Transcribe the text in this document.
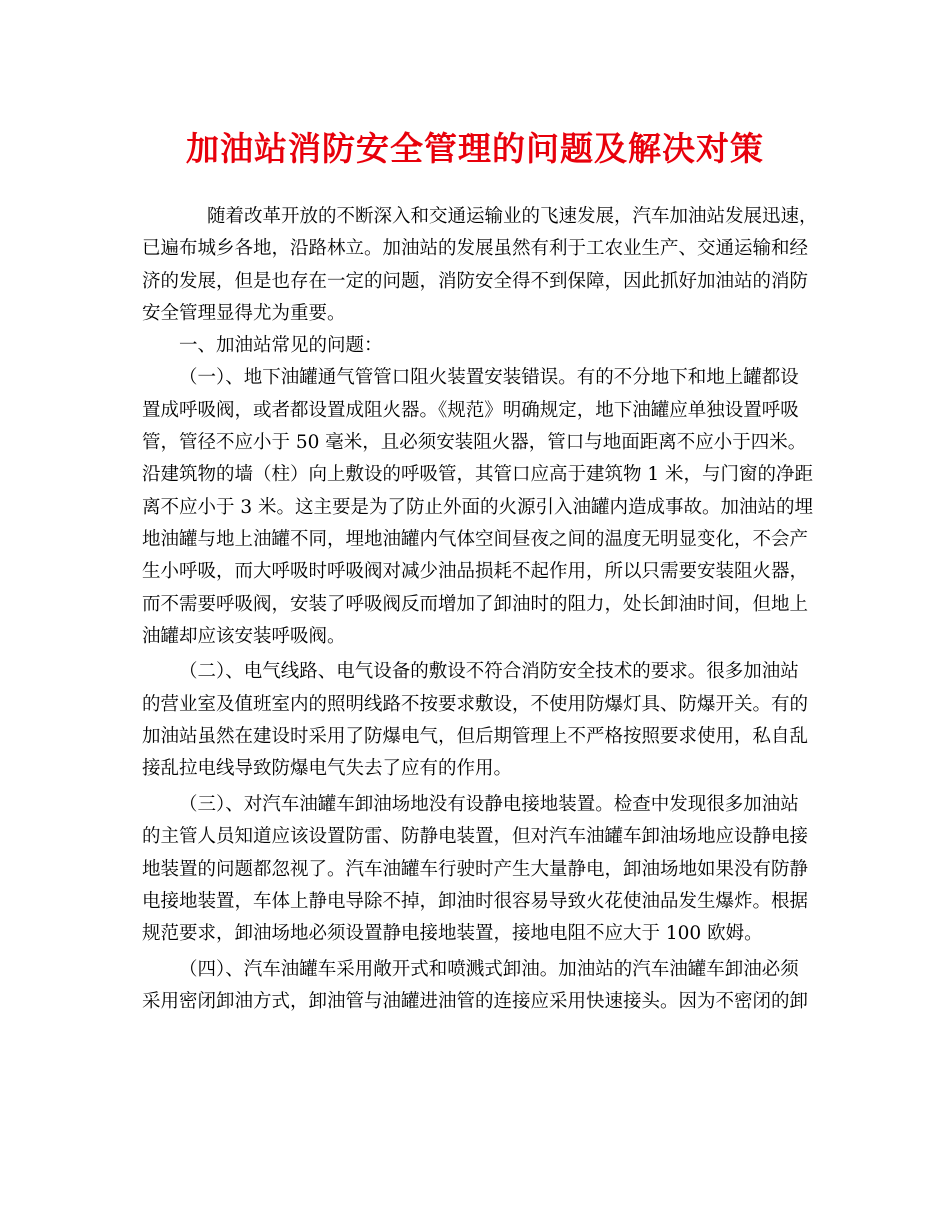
加油站消防安全管理的问题及解决对策
随着改革开放的不断深入和交通运输业的飞速发展，汽车加油站发展迅速，
已遍布城乡各地，沿路林立。加油站的发展虽然有利于工农业生产、交通运输和经
济的发展，但是也存在一定的问题，消防安全得不到保障，因此抓好加油站的消防
安全管理显得尤为重要。
一、加油站常见的问题：
（一）、地下油罐通气管管口阻火装置安装错误。有的不分地下和地上罐都设
置成呼吸阀，或者都设置成阻火器。《规范》明确规定，地下油罐应单独设置呼吸
管，管径不应小于 50 毫米，且必须安装阻火器，管口与地面距离不应小于四米。
沿建筑物的墙（柱）向上敷设的呼吸管，其管口应高于建筑物 1 米，与门窗的净距
离不应小于 3 米。这主要是为了防止外面的火源引入油罐内造成事故。加油站的埋
地油罐与地上油罐不同，埋地油罐内气体空间昼夜之间的温度无明显变化，不会产
生小呼吸，而大呼吸时呼吸阀对减少油品损耗不起作用，所以只需要安装阻火器，
而不需要呼吸阀，安装了呼吸阀反而增加了卸油时的阻力，处长卸油时间，但地上
油罐却应该安装呼吸阀。
（二）、电气线路、电气设备的敷设不符合消防安全技术的要求。很多加油站
的营业室及值班室内的照明线路不按要求敷设，不使用防爆灯具、防爆开关。有的
加油站虽然在建设时采用了防爆电气，但后期管理上不严格按照要求使用，私自乱
接乱拉电线导致防爆电气失去了应有的作用。
（三）、对汽车油罐车卸油场地没有设静电接地装置。检查中发现很多加油站
的主管人员知道应该设置防雷、防静电装置，但对汽车油罐车卸油场地应设静电接
地装置的问题都忽视了。汽车油罐车行驶时产生大量静电，卸油场地如果没有防静
电接地装置，车体上静电导除不掉，卸油时很容易导致火花使油品发生爆炸。根据
规范要求，卸油场地必须设置静电接地装置，接地电阻不应大于 100 欧姆。
（四）、汽车油罐车采用敞开式和喷溅式卸油。加油站的汽车油罐车卸油必须
采用密闭卸油方式，卸油管与油罐进油管的连接应采用快速接头。因为不密闭的卸
